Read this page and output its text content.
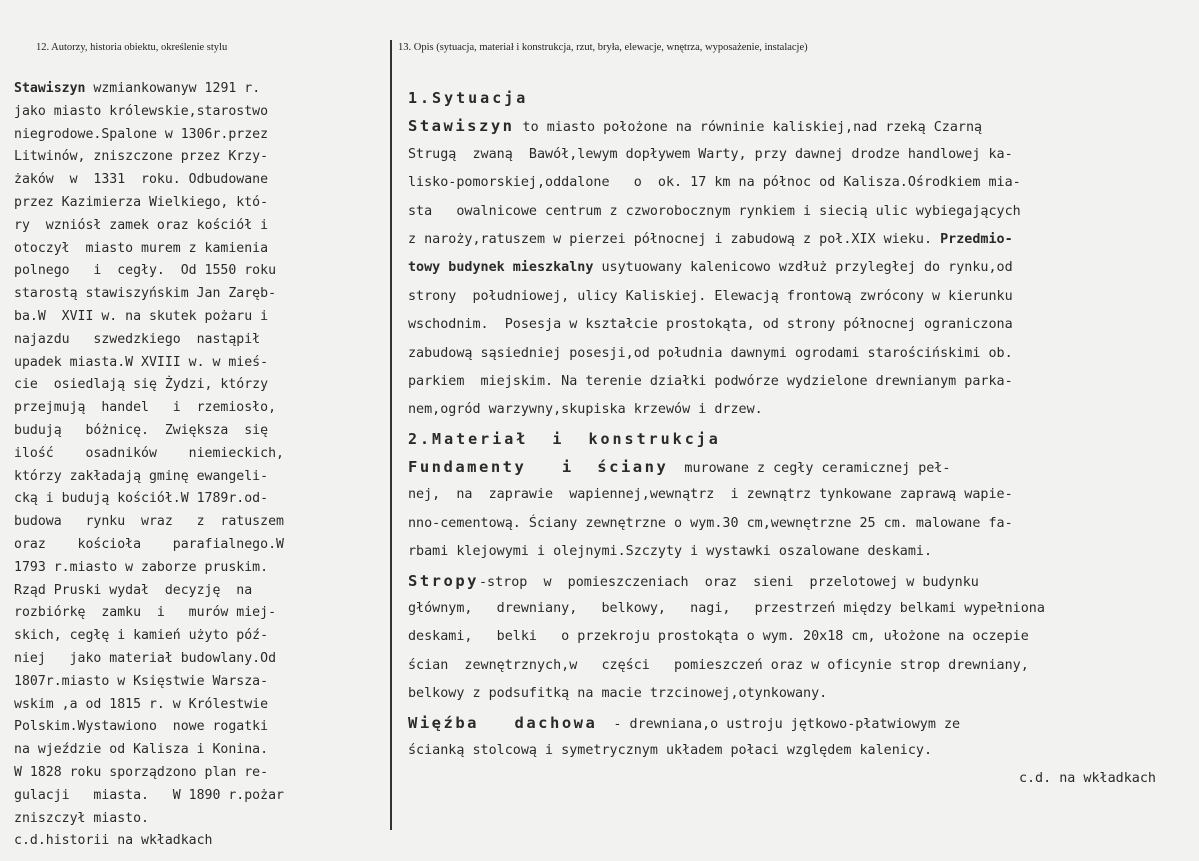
12. Autorzy, historia obiektu, określenie stylu	13. Opis (sytuacja, materiał i konstrukcja, rzut, bryła, elewacje, wnętrza, wyposażenie, instalacje)
Stawiszyn wzmiankowanyw 1291 r.
jako miasto królewskie,starostwo
niegrodowe.Spalone w 1306r.przez
Litwinów, zniszczone przez Krzy-
żaków  w  1331  roku. Odbudowane
przez Kazimierza Wielkiego, któ-
ry  wzniósł zamek oraz kościół i
otoczył  miasto murem z kamienia
polnego   i  cegły.  Od 1550 roku
starostą stawiszyńskim Jan Zaręb-
ba.W  XVII w. na skutek pożaru i
najazdu   szwedzkiego  nastąpił
upadek miasta.W XVIII w. w mieś-
cie  osiedlają się Żydzi, którzy
przejmują  handel   i  rzemiosło,
budują   bóżnicę.  Zwiększa  się
ilość    osadników    niemieckich,
którzy zakładają gminę ewangeli-
cką i budują kościół.W 1789r.od-
budowa   rynku  wraz   z  ratuszem
oraz    kościoła    parafialnego.W
1793 r.miasto w zaborze pruskim.
Rząd Pruski wydał  decyzję  na
rozbiórkę  zamku  i   murów miej-
skich, cegłę i kamień użyto póź-
niej   jako materiał budowlany.Od
1807r.miasto w Księstwie Warsza-
wskim ,a od 1815 r. w Królestwie
Polskim.Wystawiono  nowe rogatki
na wjeździe od Kalisza i Konina.
W 1828 roku sporządzono plan re-
gulacji   miasta.   W 1890 r.pożar
zniszczył miasto.
c.d.historii na wkładkach
1.Sytuacja
Stawiszyn to miasto położone na równinie kaliskiej,nad rzeką Czarną
Strugą  zwaną  Bawół,lewym dopływem Warty, przy dawnej drodze handlowej ka-
lisko-pomorskiej,oddalone   o  ok. 17 km na północ od Kalisza.Ośrodkiem mia-
sta   owalnicowe centrum z czworobocznym rynkiem i siecią ulic wybiegających
z naroży,ratuszem w pierzei północnej i zabudową z poł.XIX wieku. Przedmio-
towy budynek mieszkalny usytuowany kalenicowo wzdłuż przyległej do rynku,od
strony  południowej, ulicy Kaliskiej. Elewacją frontową zwrócony w kierunku
wschodnim.  Posesja w kształcie prostokąta, od strony północnej ograniczona
zabudową sąsiedniej posesji,od południa dawnymi ogrodami starościńskimi ob.
parkiem  miejskim. Na terenie działki podwórze wydzielone drewnianym parka-
nem,ogród warzywny,skupiska krzewów i drzew.
2.Materiał  i  konstrukcja
Fundamenty   i  ściany  murowane z cegły ceramicznej peł-
nej,  na  zaprawie  wapiennej,wewnątrz  i zewnątrz tynkowane zaprawą wapie-
nno-cementową. Ściany zewnętrzne o wym.30 cm,wewnętrzne 25 cm. malowane fa-
rbami klejowymi i olejnymi.Szczyty i wystawki oszalowane deskami.
Stropy-strop  w  pomieszczeniach  oraz  sieni  przelotowej w budynku
głównym,   drewniany,   belkowy,   nagi,   przestrzeń między belkami wypełniona
deskami,   belki   o przekroju prostokąta o wym. 20x18 cm, ułożone na oczepie
ścian  zewnętrznych,w   części   pomieszczeń oraz w oficynie strop drewniany,
belkowy z podsufitką na macie trzcinowej,otynkowany.
Więźba   dachowa  - drewniana,o ustroju jętkowo-płatwiowym ze
ścianką stolcową i symetrycznym układem połaci względem kalenicy.
c.d. na wkładkach
